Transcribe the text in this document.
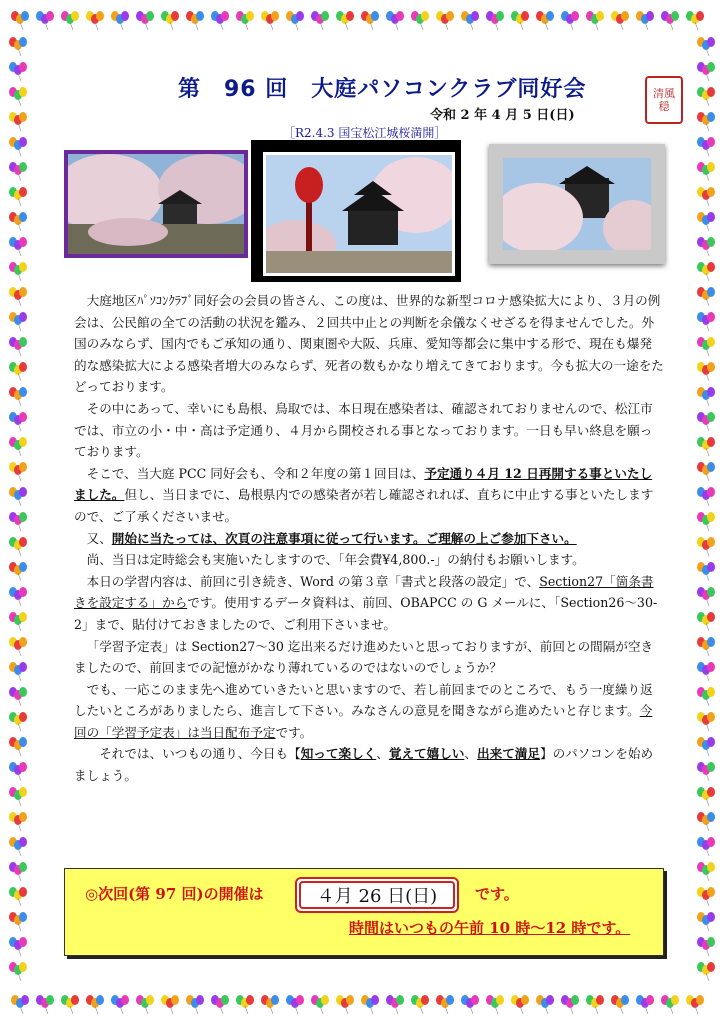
第　96 回　大庭パソコンクラブ同好会
令和 2 年 4 月 5 日(日)
清風
穏
［R2.4.3 国宝松江城桜満開］

大庭地区ﾊﾟｿｺﾝｸﾗﾌﾞ同好会の会員の皆さん、この度は、世界的な新型コロナ感染拡大により、３月の例会は、公民館の全ての活動の状況を鑑み、２回共中止との判断を余儀なくせざるを得ませんでした。外国のみならず、国内でもご承知の通り、関東圏や大阪、兵庫、愛知等都会に集中する形で、現在も爆発的な感染拡大による感染者増大のみならず、死者の数もかなり増えてきております。今も拡大の一途をたどっております。

その中にあって、幸いにも島根、鳥取では、本日現在感染者は、確認されておりませんので、松江市では、市立の小・中・高は予定通り、４月から開校される事となっております。一日も早い終息を願っております。

そこで、当大庭 PCC 同好会も、令和２年度の第１回目は、予定通り４月 12 日再開する事といたしました。但し、当日までに、島根県内での感染者が若し確認されれば、直ちに中止する事といたしますので、ご了承くださいませ。

又、開始に当たっては、次頁の注意事項に従って行います。ご理解の上ご参加下さい。

尚、当日は定時総会も実施いたしますので、「年会費¥4,800.-」の納付もお願いします。

本日の学習内容は、前回に引き続き、Word の第３章「書式と段落の設定」で、Section27「箇条書きを設定する」からです。使用するデータ資料は、前回、OBAPCC の G メールに、「Section26～30-2」まで、貼付けておきましたので、ご利用下さいませ。

「学習予定表」は Section27～30 迄出来るだけ進めたいと思っておりますが、前回との間隔が空きましたので、前回までの記憶がかなり薄れているのではないのでしょうか？

でも、一応このまま先へ進めていきたいと思いますので、若し前回までのところで、もう一度繰り返したいところがありましたら、進言して下さい。みなさんの意見を聞きながら進めたいと存じます。今回の「学習予定表」は当日配布予定です。

それでは、いつもの通り、今日も【知って楽しく、覚えて嬉しい、出来て満足】のパソコンを始めましょう。

◎次回(第 97 回)の開催は	４月 26 日(日)	です。
時間はいつもの午前 10 時～12 時です。
